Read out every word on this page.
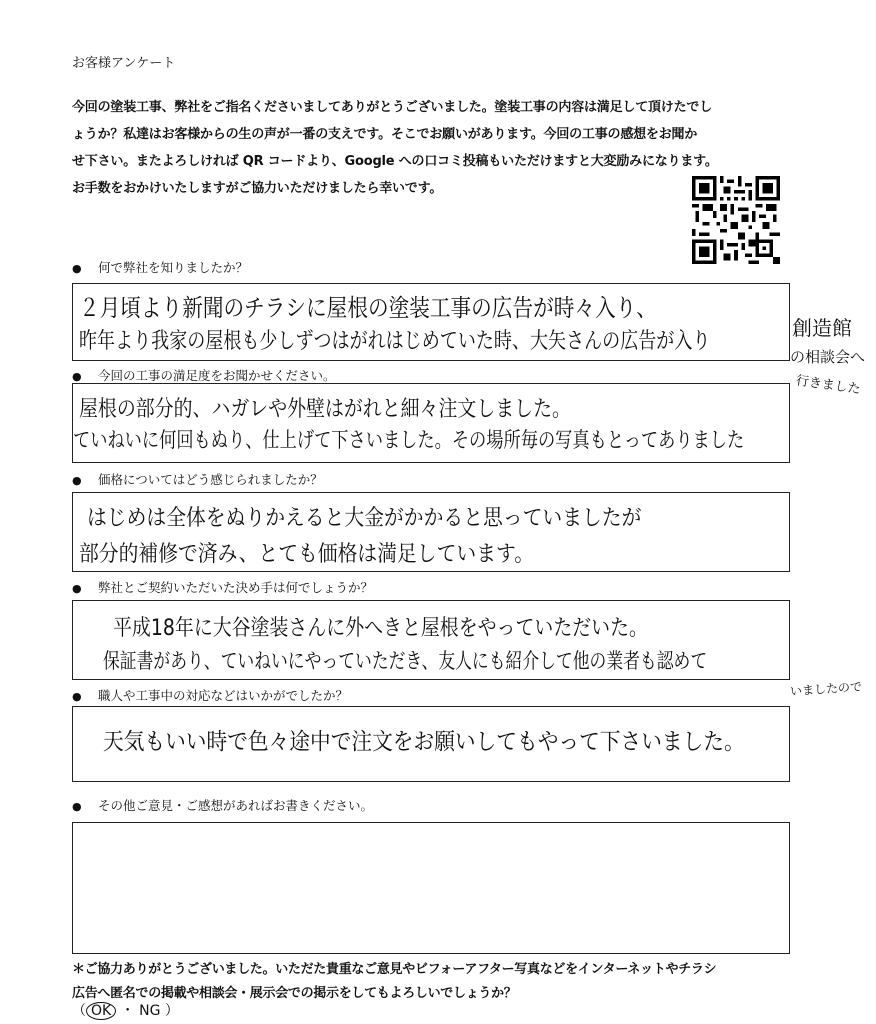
お客様アンケート
今回の塗装工事、弊社をご指名くださいましてありがとうございました。塗装工事の内容は満足して頂けたでし
ょうか？私達はお客様からの生の声が一番の支えです。そこでお願いがあります。今回の工事の感想をお聞か
せ下さい。またよろしければ QR コードより、Google への口コミ投稿もいただけますと大変励みになります。
お手数をおかけいたしますがご協力いただけましたら幸いです。
● 何で弊社を知りましたか？
２月頃より新聞のチラシに屋根の塗装工事の広告が時々入り、
昨年より我家の屋根も少しずつはがれはじめていた時、大矢さんの広告が入り
創造館
の相談会へ
行きました
● 今回の工事の満足度をお聞かせください。
屋根の部分的、ハガレや外壁はがれと細々注文しました。
ていねいに何回もぬり、仕上げて下さいました。その場所毎の写真もとってありました
● 価格についてはどう感じられましたか？
はじめは全体をぬりかえると大金がかかると思っていましたが
部分的補修で済み、とても価格は満足しています。
● 弊社とご契約いただいた決め手は何でしょうか？
平成18年に大谷塗装さんに外へきと屋根をやっていただいた。
保証書があり、ていねいにやっていただき、友人にも紹介して他の業者も認めて
いましたので
● 職人や工事中の対応などはいかがでしたか？
天気もいい時で色々途中で注文をお願いしてもやって下さいました。
● その他ご意見・ご感想があればお書きください。
＊ご協力ありがとうございました。いただた貴重なご意見やビフォーアフター写真などをインターネットやチラシ
広告へ匿名での掲載や相談会・展示会での掲示をしてもよろしいでしょうか？
（ OK ・ NG ）
